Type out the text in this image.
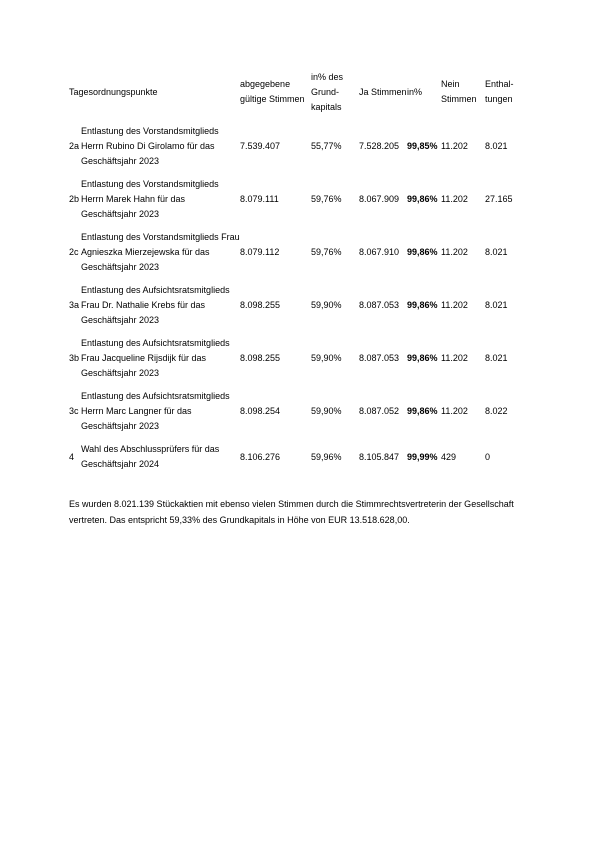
Tagesordnungspunkte		abgegebene gültige Stimmen	in% des Grund-kapitals	Ja Stimmen	in%	Nein Stimmen	Enthal-tungen

2a	Entlastung des Vorstandsmitglieds Herrn Rubino Di Girolamo für das Geschäftsjahr 2023	7.539.407	55,77%	7.528.205	99,85%	11.202	8.021

2b	Entlastung des Vorstandsmitglieds Herrn Marek Hahn für das Geschäftsjahr 2023	8.079.111	59,76%	8.067.909	99,86%	11.202	27.165

2c	Entlastung des Vorstandsmitglieds Frau Agnieszka Mierzejewska für das Geschäftsjahr 2023	8.079.112	59,76%	8.067.910	99,86%	11.202	8.021

3a	Entlastung des Aufsichtsratsmitglieds Frau Dr. Nathalie Krebs für das Geschäftsjahr 2023	8.098.255	59,90%	8.087.053	99,86%	11.202	8.021

3b	Entlastung des Aufsichtsratsmitglieds Frau Jacqueline Rijsdijk für das Geschäftsjahr 2023	8.098.255	59,90%	8.087.053	99,86%	11.202	8.021

3c	Entlastung des Aufsichtsratsmitglieds Herrn Marc Langner für das Geschäftsjahr 2023	8.098.254	59,90%	8.087.052	99,86%	11.202	8.022

4	Wahl des Abschlussprüfers für das Geschäftsjahr 2024	8.106.276	59,96%	8.105.847	99,99%	429	0

Es wurden 8.021.139 Stückaktien mit ebenso vielen Stimmen durch die Stimmrechtsvertreterin der Gesellschaft vertreten. Das entspricht 59,33% des Grundkapitals in Höhe von EUR 13.518.628,00.
